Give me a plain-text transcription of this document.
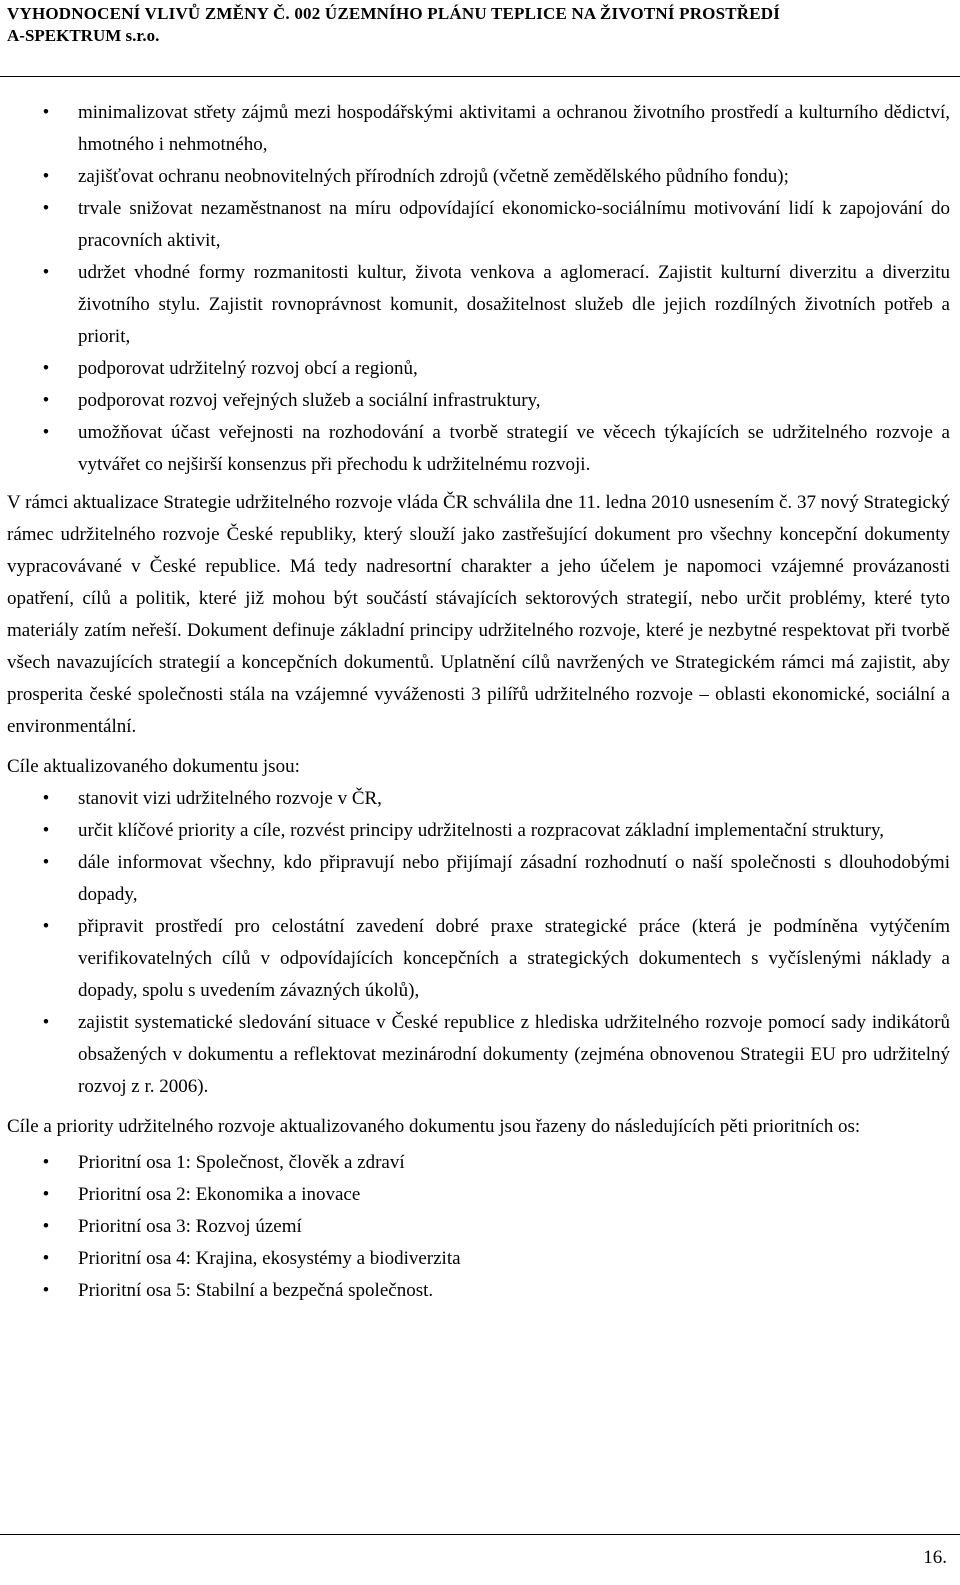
VYHODNOCENÍ VLIVŮ ZMĚNY Č. 002 ÚZEMNÍHO PLÁNU TEPLICE NA ŽIVOTNÍ PROSTŘEDÍ
A-SPEKTRUM s.r.o.
• minimalizovat střety zájmů mezi hospodářskými aktivitami a ochranou životního prostředí a kulturního dědictví, hmotného i nehmotného,
• zajišťovat ochranu neobnovitelných přírodních zdrojů (včetně zemědělského půdního fondu);
• trvale snižovat nezaměstnanost na míru odpovídající ekonomicko-sociálnímu motivování lidí k zapojování do pracovních aktivit,
• udržet vhodné formy rozmanitosti kultur, života venkova a aglomerací. Zajistit kulturní diverzitu a diverzitu životního stylu. Zajistit rovnoprávnost komunit, dosažitelnost služeb dle jejich rozdílných životních potřeb a priorit,
• podporovat udržitelný rozvoj obcí a regionů,
• podporovat rozvoj veřejných služeb a sociální infrastruktury,
• umožňovat účast veřejnosti na rozhodování a tvorbě strategií ve věcech týkajících se udržitelného rozvoje a vytvářet co nejširší konsenzus při přechodu k udržitelnému rozvoji.

V rámci aktualizace Strategie udržitelného rozvoje vláda ČR schválila dne 11. ledna 2010 usnesením č. 37 nový Strategický rámec udržitelného rozvoje České republiky, který slouží jako zastřešující dokument pro všechny koncepční dokumenty vypracovávané v České republice. Má tedy nadresortní charakter a jeho účelem je napomoci vzájemné provázanosti opatření, cílů a politik, které již mohou být součástí stávajících sektorových strategií, nebo určit problémy, které tyto materiály zatím neřeší. Dokument definuje základní principy udržitelného rozvoje, které je nezbytné respektovat při tvorbě všech navazujících strategií a koncepčních dokumentů. Uplatnění cílů navržených ve Strategickém rámci má zajistit, aby prosperita české společnosti stála na vzájemné vyváženosti 3 pilířů udržitelného rozvoje – oblasti ekonomické, sociální a environmentální.

Cíle aktualizovaného dokumentu jsou:

• stanovit vizi udržitelného rozvoje v ČR,
• určit klíčové priority a cíle, rozvést principy udržitelnosti a rozpracovat základní implementační struktury,
• dále informovat všechny, kdo připravují nebo přijímají zásadní rozhodnutí o naší společnosti s dlouhodobými dopady,
• připravit prostředí pro celostátní zavedení dobré praxe strategické práce (která je podmíněna vytýčením verifikovatelných cílů v odpovídajících koncepčních a strategických dokumentech s vyčíslenými náklady a dopady, spolu s uvedením závazných úkolů),
• zajistit systematické sledování situace v České republice z hlediska udržitelného rozvoje pomocí sady indikátorů obsažených v dokumentu a reflektovat mezinárodní dokumenty (zejména obnovenou Strategii EU pro udržitelný rozvoj z r. 2006).

Cíle a priority udržitelného rozvoje aktualizovaného dokumentu jsou řazeny do následujících pěti prioritních os:

• Prioritní osa 1: Společnost, člověk a zdraví
• Prioritní osa 2: Ekonomika a inovace
• Prioritní osa 3: Rozvoj území
• Prioritní osa 4: Krajina, ekosystémy a biodiverzita
• Prioritní osa 5: Stabilní a bezpečná společnost.
16.
